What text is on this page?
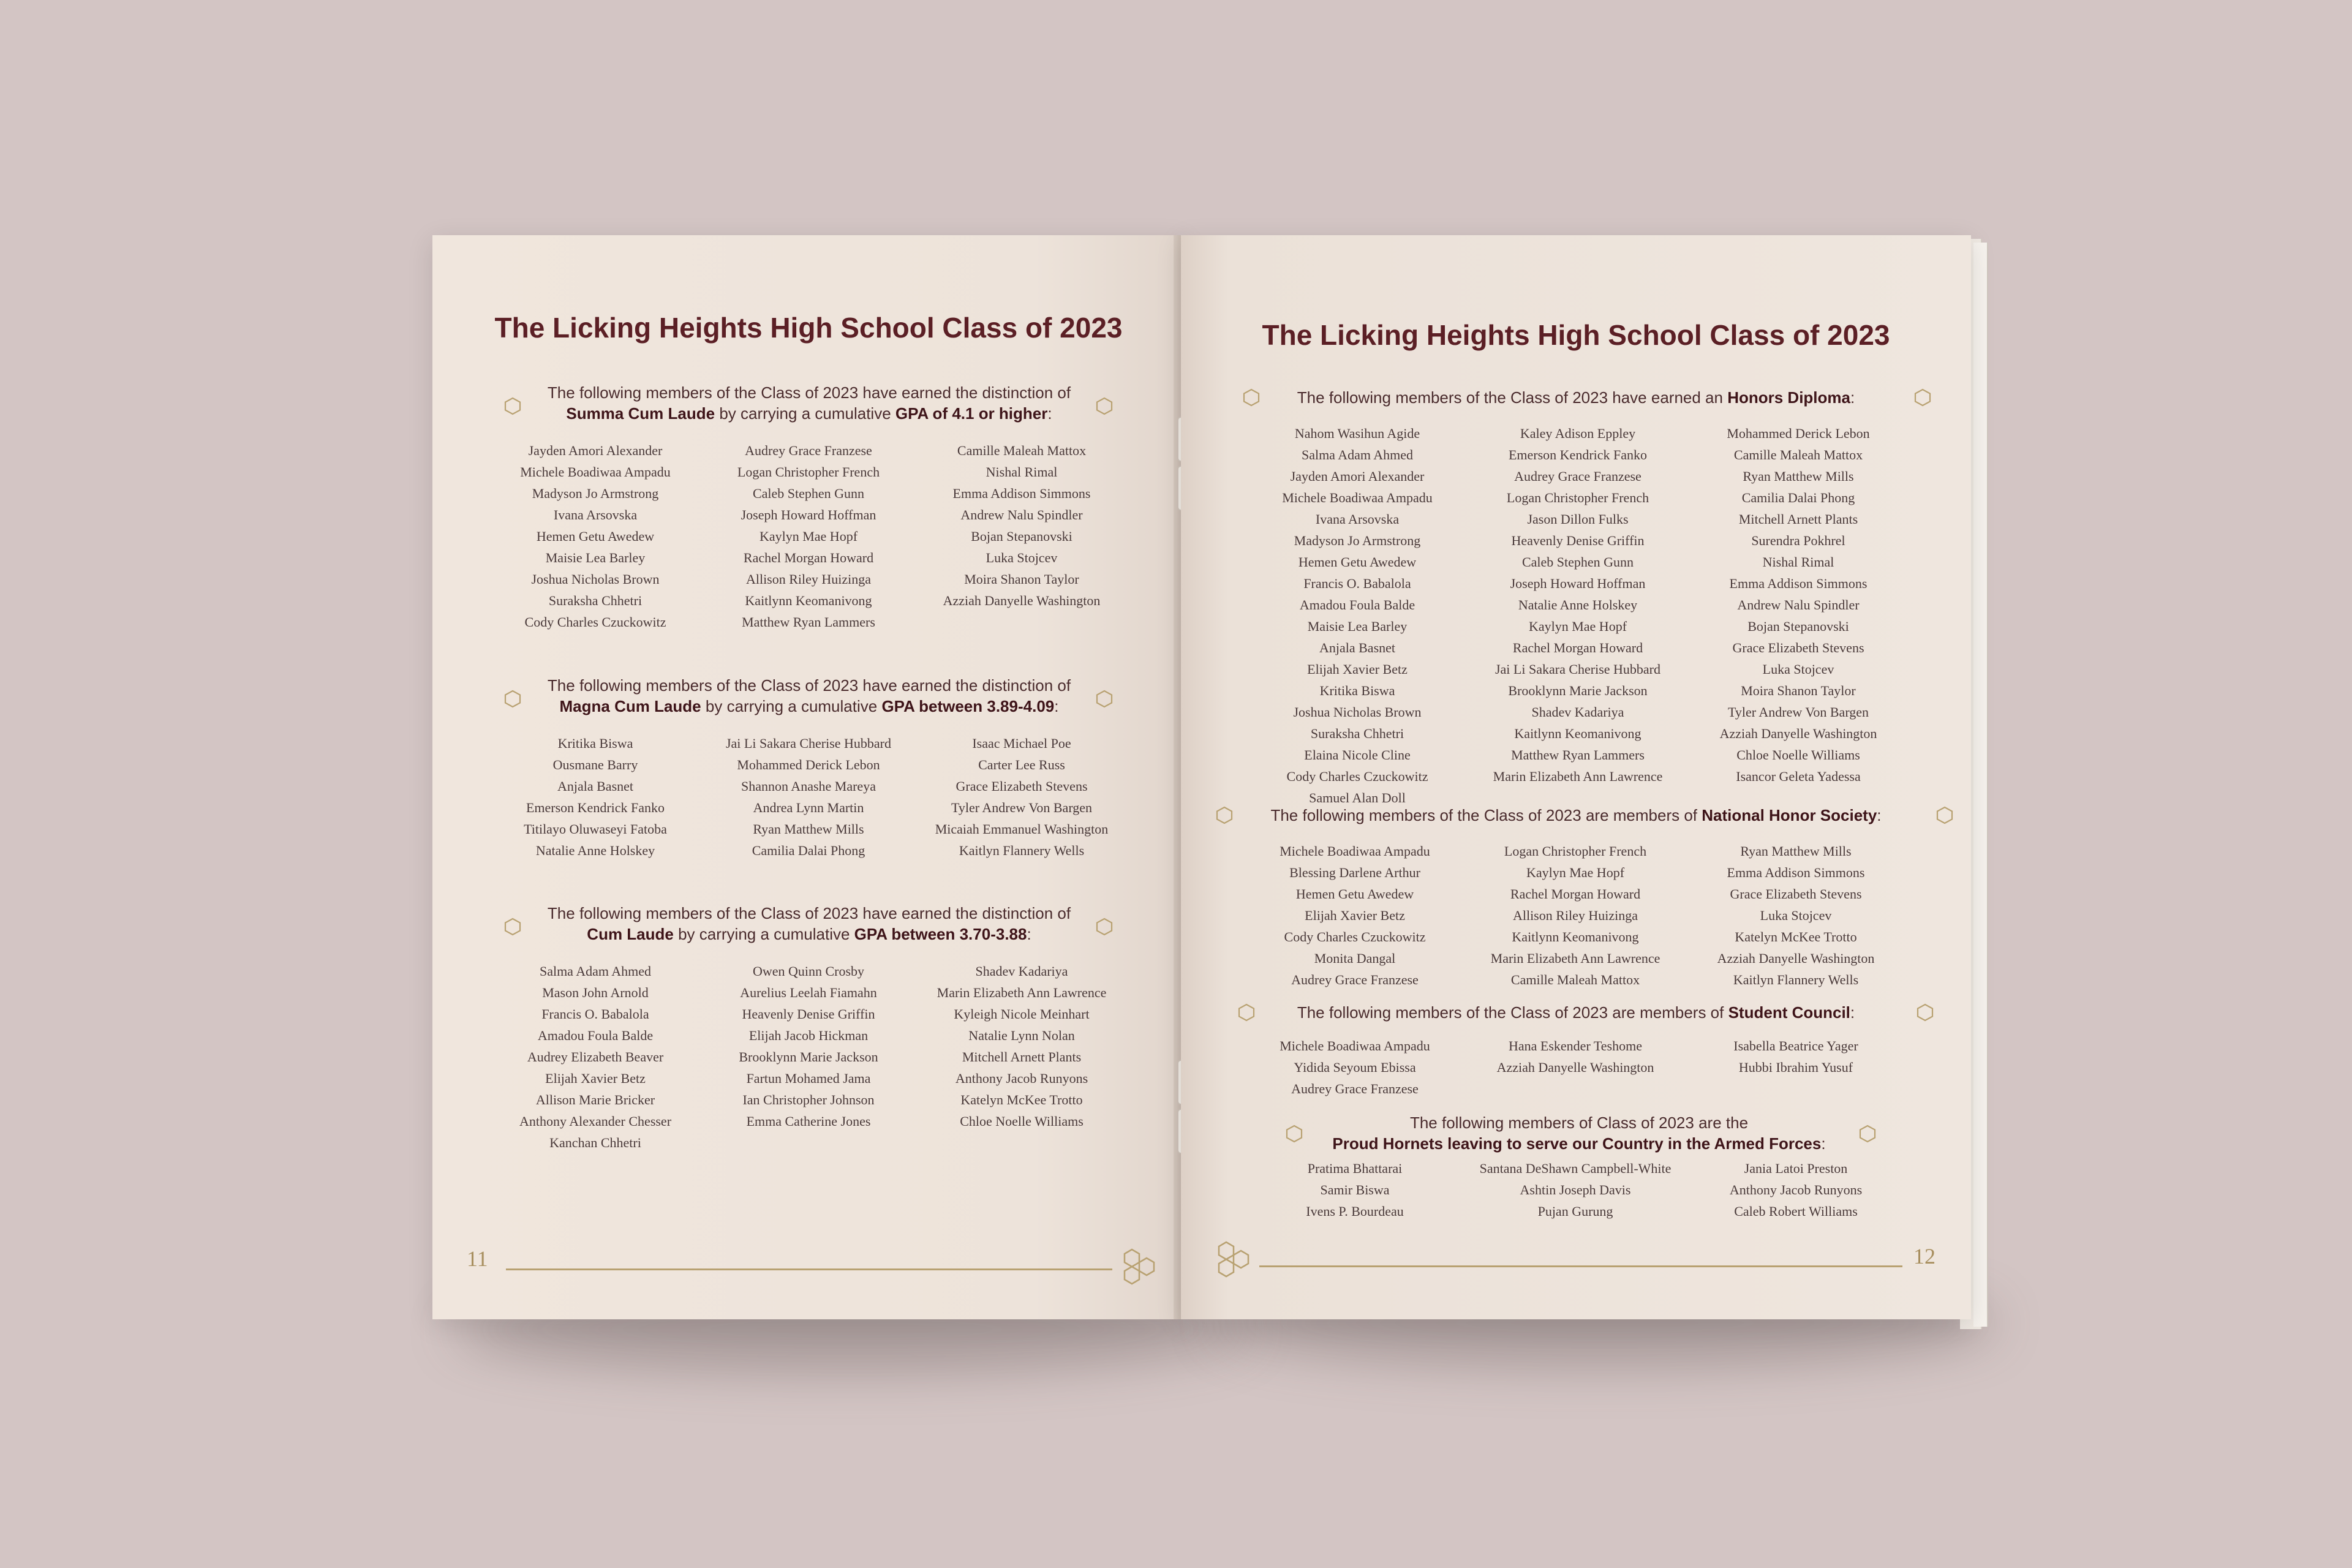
The Licking Heights High School Class of 2023
The following members of the Class of 2023 have earned the distinction of
Summa Cum Laude by carrying a cumulative GPA of 4.1 or higher:
Jayden Amori Alexander
Michele Boadiwaa Ampadu
Madyson Jo Armstrong
Ivana Arsovska
Hemen Getu Awedew
Maisie Lea Barley
Joshua Nicholas Brown
Suraksha Chhetri
Cody Charles Czuckowitz
Audrey Grace Franzese
Logan Christopher French
Caleb Stephen Gunn
Joseph Howard Hoffman
Kaylyn Mae Hopf
Rachel Morgan Howard
Allison Riley Huizinga
Kaitlynn Keomanivong
Matthew Ryan Lammers
Camille Maleah Mattox
Nishal Rimal
Emma Addison Simmons
Andrew Nalu Spindler
Bojan Stepanovski
Luka Stojcev
Moira Shanon Taylor
Azziah Danyelle Washington
The following members of the Class of 2023 have earned the distinction of
Magna Cum Laude by carrying a cumulative GPA between 3.89-4.09:
Kritika Biswa
Ousmane Barry
Anjala Basnet
Emerson Kendrick Fanko
Titilayo Oluwaseyi Fatoba
Natalie Anne Holskey
Jai Li Sakara Cherise Hubbard
Mohammed Derick Lebon
Shannon Anashe Mareya
Andrea Lynn Martin
Ryan Matthew Mills
Camilia Dalai Phong
Isaac Michael Poe
Carter Lee Russ
Grace Elizabeth Stevens
Tyler Andrew Von Bargen
Micaiah Emmanuel Washington
Kaitlyn Flannery Wells
The following members of the Class of 2023 have earned the distinction of
Cum Laude by carrying a cumulative GPA between 3.70-3.88:
Salma Adam Ahmed
Mason John Arnold
Francis O. Babalola
Amadou Foula Balde
Audrey Elizabeth Beaver
Elijah Xavier Betz
Allison Marie Bricker
Anthony Alexander Chesser
Kanchan Chhetri
Owen Quinn Crosby
Aurelius Leelah Fiamahn
Heavenly Denise Griffin
Elijah Jacob Hickman
Brooklynn Marie Jackson
Fartun Mohamed Jama
Ian Christopher Johnson
Emma Catherine Jones
Shadev Kadariya
Marin Elizabeth Ann Lawrence
Kyleigh Nicole Meinhart
Natalie Lynn Nolan
Mitchell Arnett Plants
Anthony Jacob Runyons
Katelyn McKee Trotto
Chloe Noelle Williams
11
The Licking Heights High School Class of 2023
The following members of the Class of 2023 have earned an Honors Diploma:
Nahom Wasihun Agide
Salma Adam Ahmed
Jayden Amori Alexander
Michele Boadiwaa Ampadu
Ivana Arsovska
Madyson Jo Armstrong
Hemen Getu Awedew
Francis O. Babalola
Amadou Foula Balde
Maisie Lea Barley
Anjala Basnet
Elijah Xavier Betz
Kritika Biswa
Joshua Nicholas Brown
Suraksha Chhetri
Elaina Nicole Cline
Cody Charles Czuckowitz
Samuel Alan Doll
Kaley Adison Eppley
Emerson Kendrick Fanko
Audrey Grace Franzese
Logan Christopher French
Jason Dillon Fulks
Heavenly Denise Griffin
Caleb Stephen Gunn
Joseph Howard Hoffman
Natalie Anne Holskey
Kaylyn Mae Hopf
Rachel Morgan Howard
Jai Li Sakara Cherise Hubbard
Brooklynn Marie Jackson
Shadev Kadariya
Kaitlynn Keomanivong
Matthew Ryan Lammers
Marin Elizabeth Ann Lawrence
Mohammed Derick Lebon
Camille Maleah Mattox
Ryan Matthew Mills
Camilia Dalai Phong
Mitchell Arnett Plants
Surendra Pokhrel
Nishal Rimal
Emma Addison Simmons
Andrew Nalu Spindler
Bojan Stepanovski
Grace Elizabeth Stevens
Luka Stojcev
Moira Shanon Taylor
Tyler Andrew Von Bargen
Azziah Danyelle Washington
Chloe Noelle Williams
Isancor Geleta Yadessa
The following members of the Class of 2023 are members of National Honor Society:
Michele Boadiwaa Ampadu
Blessing Darlene Arthur
Hemen Getu Awedew
Elijah Xavier Betz
Cody Charles Czuckowitz
Monita Dangal
Audrey Grace Franzese
Logan Christopher French
Kaylyn Mae Hopf
Rachel Morgan Howard
Allison Riley Huizinga
Kaitlynn Keomanivong
Marin Elizabeth Ann Lawrence
Camille Maleah Mattox
Ryan Matthew Mills
Emma Addison Simmons
Grace Elizabeth Stevens
Luka Stojcev
Katelyn McKee Trotto
Azziah Danyelle Washington
Kaitlyn Flannery Wells
The following members of the Class of 2023 are members of Student Council:
Michele Boadiwaa Ampadu
Yidida Seyoum Ebissa
Audrey Grace Franzese
Hana Eskender Teshome
Azziah Danyelle Washington
Isabella Beatrice Yager
Hubbi Ibrahim Yusuf
The following members of Class of 2023 are the
Proud Hornets leaving to serve our Country in the Armed Forces:
Pratima Bhattarai
Samir Biswa
Ivens P. Bourdeau
Santana DeShawn Campbell-White
Ashtin Joseph Davis
Pujan Gurung
Jania Latoi Preston
Anthony Jacob Runyons
Caleb Robert Williams
12
